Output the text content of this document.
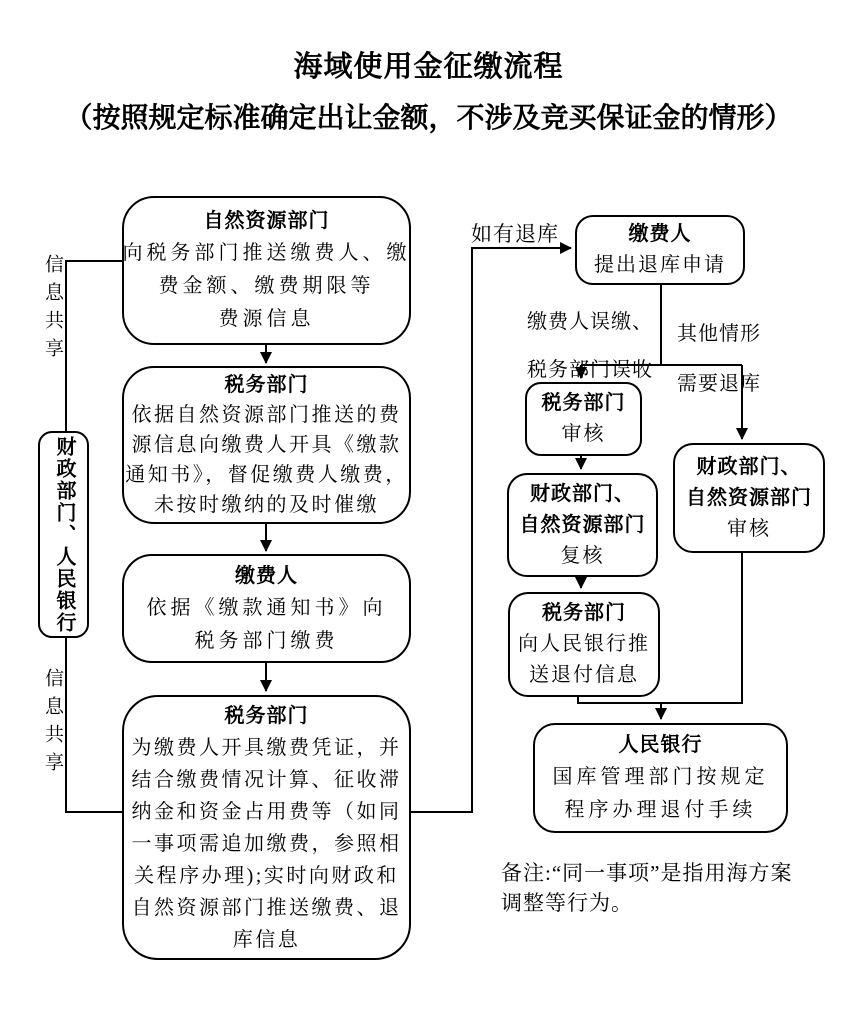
海域使用金征缴流程
（按照规定标准确定出让金额，不涉及竞买保证金的情形）
自然资源部门
向税务部门推送缴费人、缴
费金额、缴费期限等
费源信息
税务部门
依据自然资源部门推送的费
源信息向缴费人开具《缴款
通知书》，督促缴费人缴费，
未按时缴纳的及时催缴
缴费人
依据《缴款通知书》向
税务部门缴费
税务部门
为缴费人开具缴费凭证，并
结合缴费情况计算、征收滞
纳金和资金占用费等（如同
一事项需追加缴费，参照相
关程序办理);实时向财政和
自然资源部门推送缴费、退
库信息
财政部门、人民银行
信息共享
信息共享
如有退库	缴费人
提出退库申请

缴费人误缴、

税务部门误收

其他情形

需要退库

税务部门
审核
财政部门、
自然资源部门
复核
税务部门
向人民银行推
送退付信息
财政部门、
自然资源部门
审核
人民银行
国库管理部门按规定
程序办理退付手续
备注:“同一事项”是指用海方案
调整等行为。
